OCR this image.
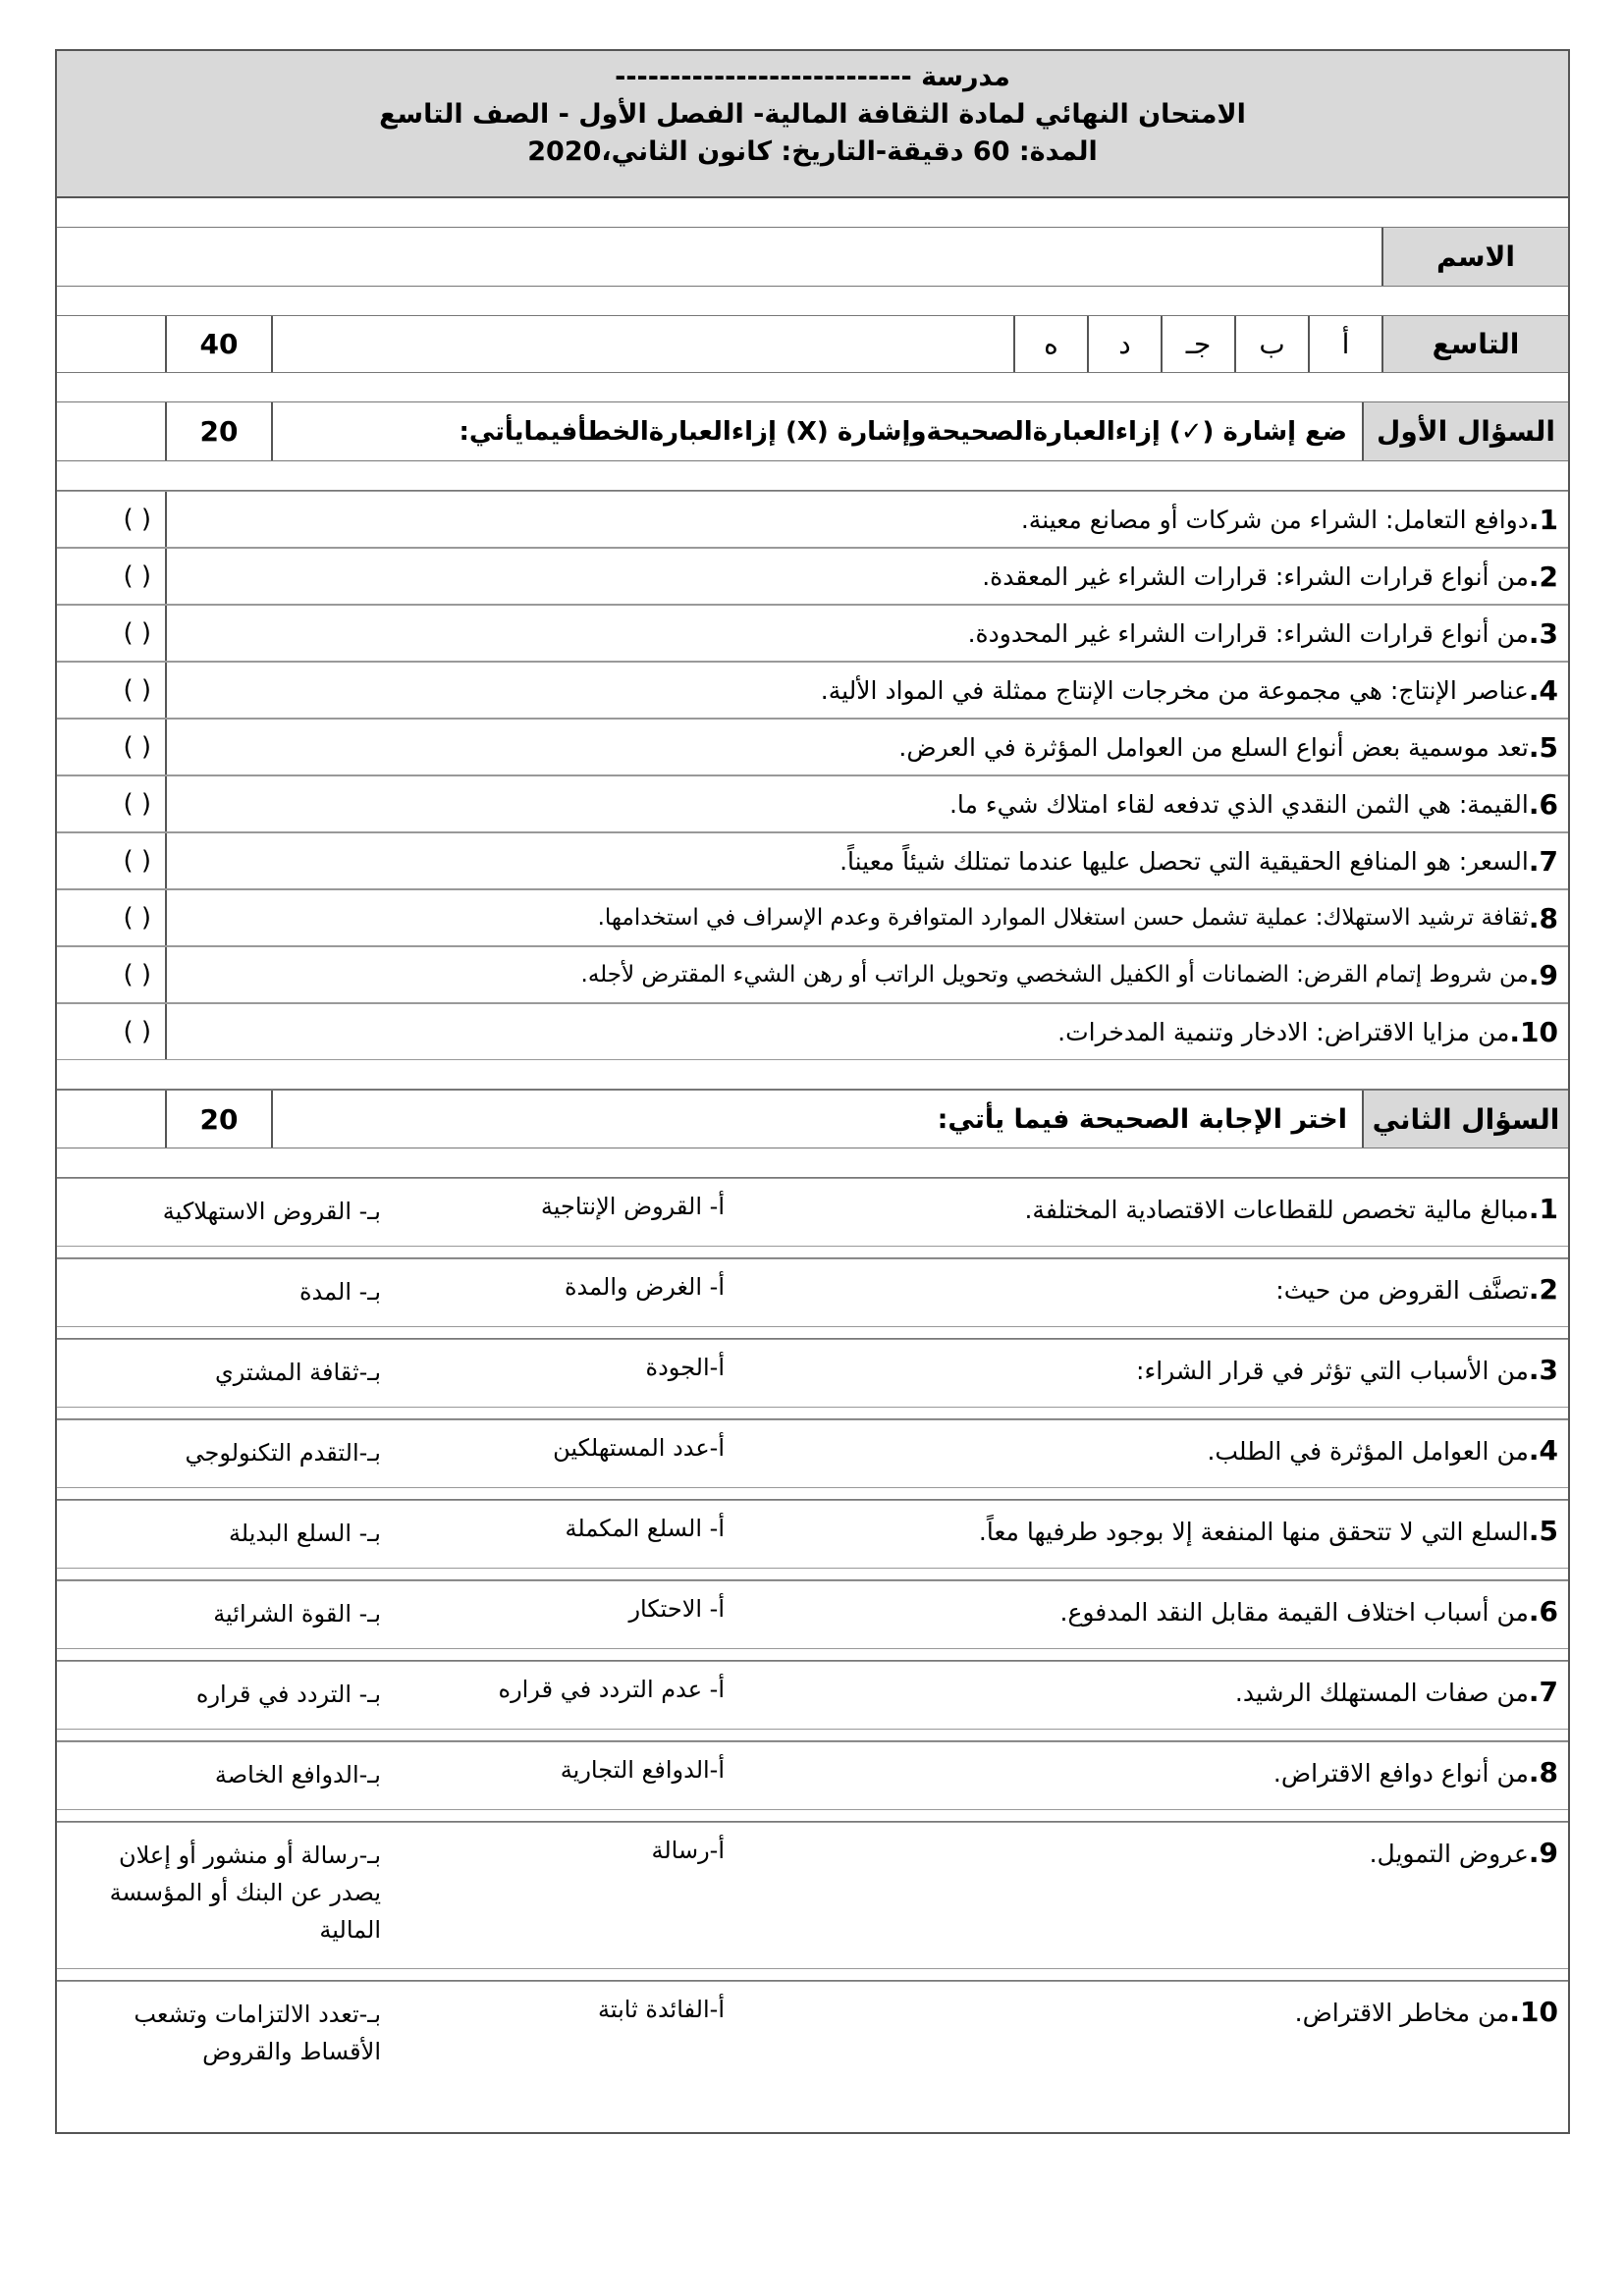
مدرسة ---------------------------
الامتحان النهائي لمادة الثقافة المالية- الفصل الأول - الصف التاسع
المدة: 60 دقيقة-التاريخ: كانون الثاني،2020
الاسم
التاسع
أ
ب
جـ
د
ه
40
السؤال الأول
ضع إشارة (✓) إزاءالعبارةالصحيحةوإشارة (X) إزاءالعبارةالخطأفيمايأتي:
20
1.
دوافع التعامل: الشراء من شركات أو مصانع معينة.
( )
2.
من أنواع قرارات الشراء: قرارات الشراء غير المعقدة.
( )
3.
من أنواع قرارات الشراء: قرارات الشراء غير المحدودة.
( )
4.
عناصر الإنتاج: هي مجموعة من مخرجات الإنتاج ممثلة في المواد الألية.
( )
5.
تعد موسمية بعض أنواع السلع من العوامل المؤثرة في العرض.
( )
6.
القيمة: هي الثمن النقدي الذي تدفعه لقاء امتلاك شيء ما.
( )
7.
السعر: هو المنافع الحقيقية التي تحصل عليها عندما تمتلك شيئاً معيناً.
( )
8.
ثقافة ترشيد الاستهلاك: عملية تشمل حسن استغلال الموارد المتوافرة وعدم الإسراف في استخدامها.
( )
9.
من شروط إتمام القرض: الضمانات أو الكفيل الشخصي وتحويل الراتب أو رهن الشيء المقترض لأجله.
( )
10.
من مزايا الاقتراض: الادخار وتنمية المدخرات.
( )
السؤال الثاني
اختر الإجابة الصحيحة فيما يأتي:
20
1.مبالغ مالية تخصص للقطاعات الاقتصادية المختلفة.
أ- القروض الإنتاجية
بـ- القروض الاستهلاكية
2.تصنَّف القروض من حيث:
أ- الغرض والمدة
بـ- المدة
3.من الأسباب التي تؤثر في قرار الشراء:
أ-الجودة
بـ-ثقافة المشتري
4.من العوامل المؤثرة في الطلب.
أ-عدد المستهلكين
بـ-التقدم التكنولوجي
5.السلع التي لا تتحقق منها المنفعة إلا بوجود طرفيها معاً.
أ- السلع المكملة
بـ- السلع البديلة
6.من أسباب اختلاف القيمة مقابل النقد المدفوع.
أ- الاحتكار
بـ- القوة الشرائية
7.من صفات المستهلك الرشيد.
أ- عدم التردد في قراره
بـ- التردد في قراره
8.من أنواع دوافع الاقتراض.
أ-الدوافع التجارية
بـ-الدوافع الخاصة
9.عروض التمويل.
أ-رسالة
بـ-رسالة أو منشور أو إعلان يصدر عن البنك أو المؤسسة المالية
10.من مخاطر الاقتراض.
أ-الفائدة ثابتة
بـ-تعدد الالتزامات وتشعب الأقساط والقروض
